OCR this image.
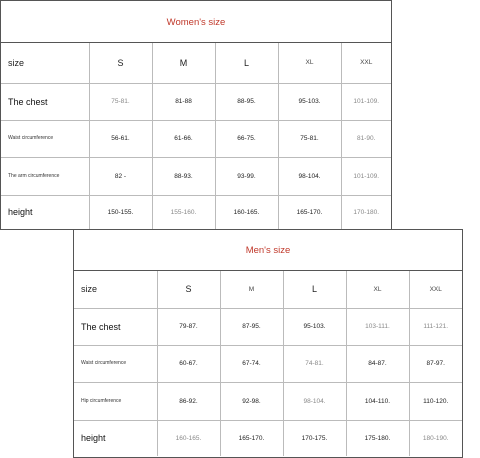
Women's size
size	S	M	L	XL	XXL
The chest	75-81.	81-88	88-95.	95-103.	101-109.
Waist circumference	56-61.	61-66.	66-75.	75-81.	81-90.
The arm circumference	82 -	88-93.	93-99.	98-104.	101-109.
height	150-155.	155-160.	160-165.	165-170.	170-180.
Men's size
size	S	M	L	XL	XXL
The chest	79-87.	87-95.	95-103.	103-111.	111-121.
Waist circumference	60-67.	67-74.	74-81.	84-87.	87-97.
Hip circumference	86-92.	92-98.	98-104.	104-110.	110-120.
height	160-165.	165-170.	170-175.	175-180.	180-190.
